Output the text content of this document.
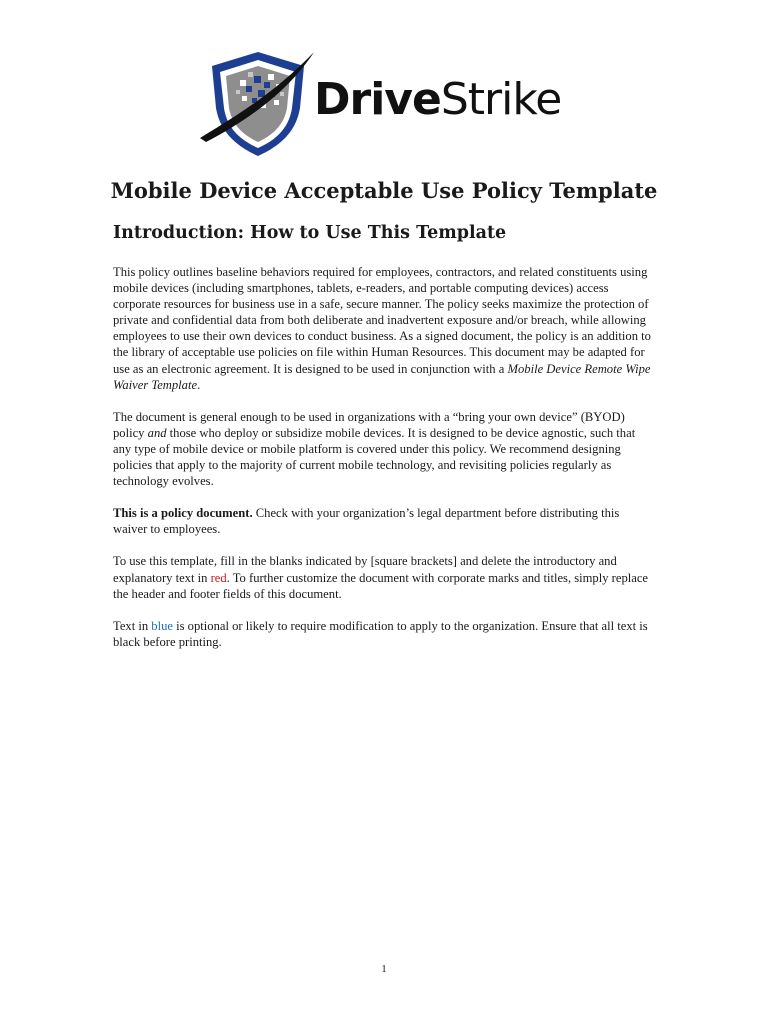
DriveStrike
Mobile Device Acceptable Use Policy Template
Introduction: How to Use This Template

This policy outlines baseline behaviors required for employees, contractors, and related constituents using mobile devices (including smartphones, tablets, e-readers, and portable computing devices) access corporate resources for business use in a safe, secure manner. The policy seeks maximize the protection of private and confidential data from both deliberate and inadvertent exposure and/or breach, while allowing employees to use their own devices to conduct business. As a signed document, the policy is an addition to the library of acceptable use policies on file within Human Resources. This document may be adapted for use as an electronic agreement. It is designed to be used in conjunction with a Mobile Device Remote Wipe Waiver Template.

The document is general enough to be used in organizations with a “bring your own device” (BYOD) policy and those who deploy or subsidize mobile devices. It is designed to be device agnostic, such that any type of mobile device or mobile platform is covered under this policy. We recommend designing policies that apply to the majority of current mobile technology, and revisiting policies regularly as technology evolves.

This is a policy document. Check with your organization’s legal department before distributing this waiver to employees.

To use this template, fill in the blanks indicated by [square brackets] and delete the introductory and explanatory text in red. To further customize the document with corporate marks and titles, simply replace the header and footer fields of this document.

Text in blue is optional or likely to require modification to apply to the organization. Ensure that all text is black before printing.

1
